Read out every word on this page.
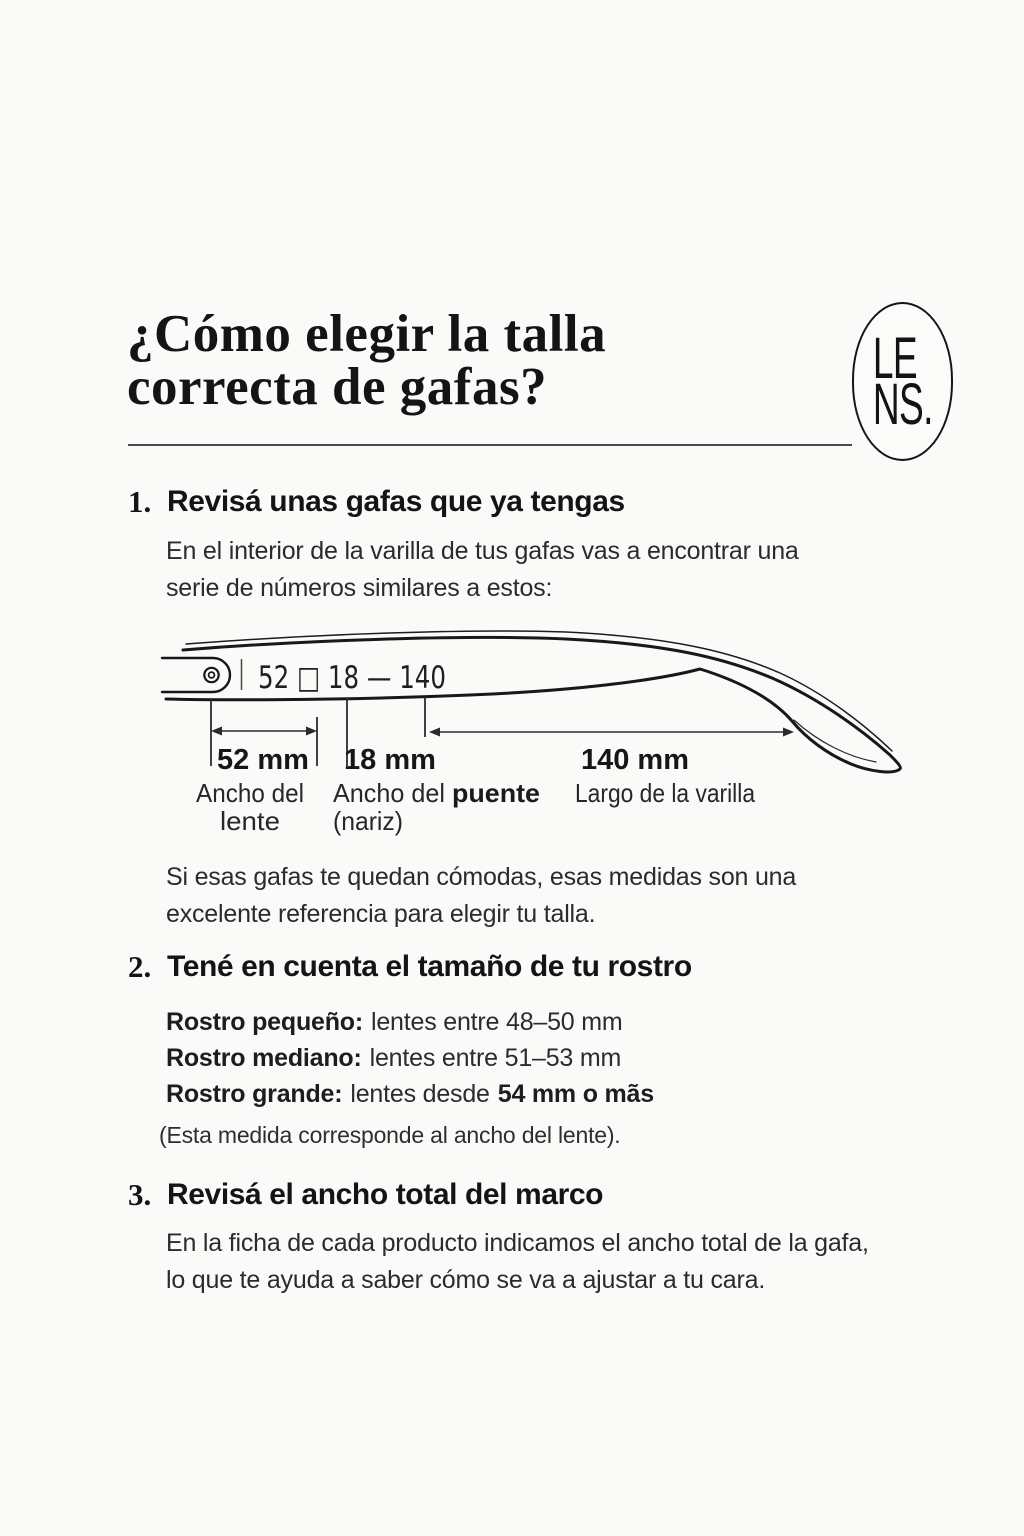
¿Cómo elegir la talla
correcta de gafas?	LE
NS.
1. Revisá unas gafas que ya tengas
En el interior de la varilla de tus gafas vas a encontrar una
serie de números similares a estos:
52 □ 18 — 140
52 mm 18 mm	140 mm
Ancho del
lente
Ancho del puente
(nariz)
Largo de la varilla
Si esas gafas te quedan cómodas, esas medidas son una
excelente referencia para elegir tu talla.
2. Tené en cuenta el tamaño de tu rostro
Rostro pequeño: lentes entre 48–50 mm
Rostro mediano: lentes entre 51–53 mm
Rostro grande: lentes desde 54 mm o mãs
(Esta medida corresponde al ancho del lente).
3. Revisá el ancho total del marco
En la ficha de cada producto indicamos el ancho total de la gafa,
lo que te ayuda a saber cómo se va a ajustar a tu cara.
